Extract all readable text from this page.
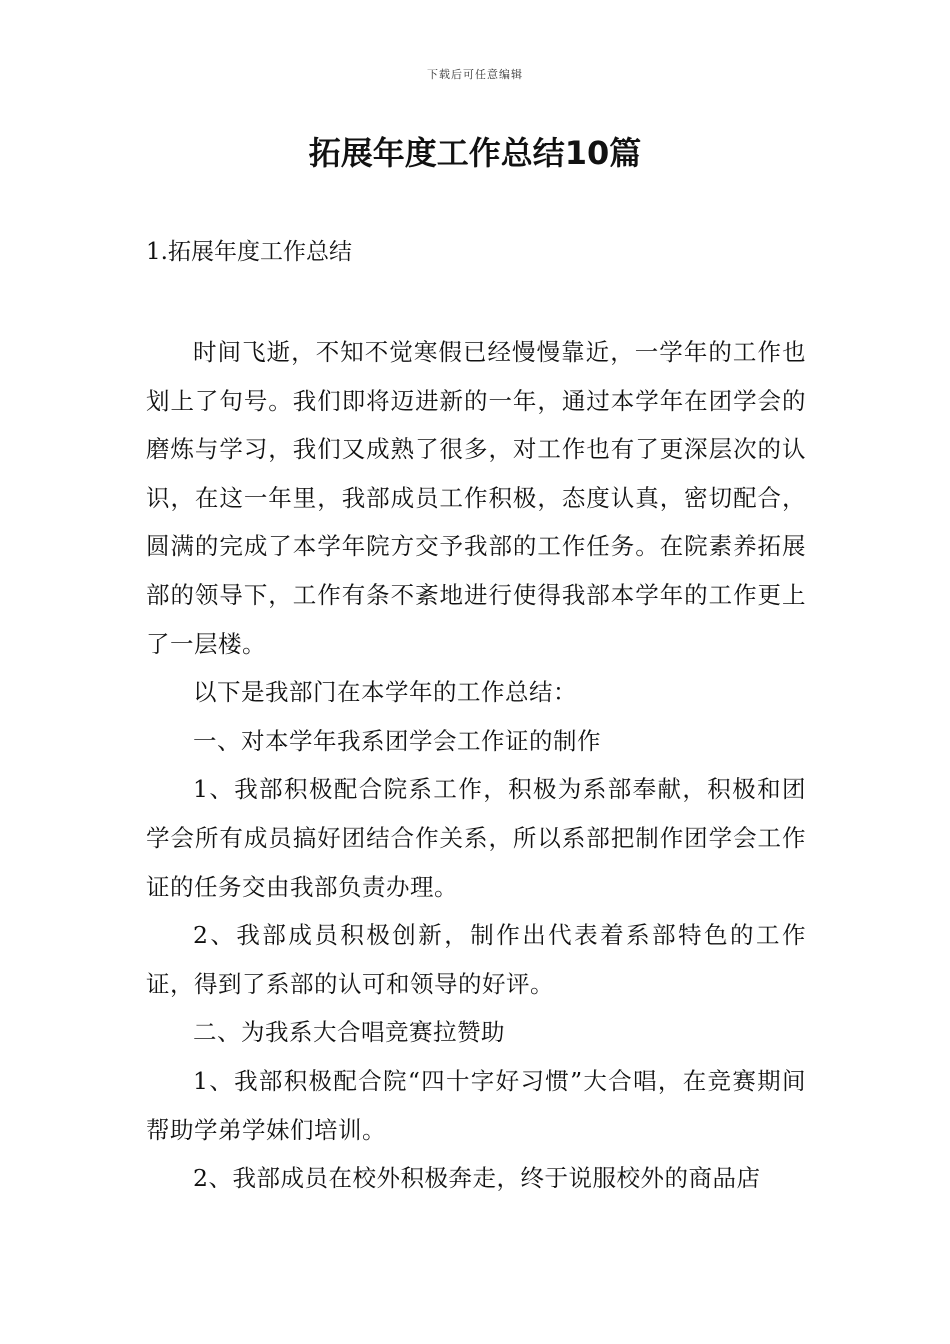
下载后可任意编辑
拓展年度工作总结10篇
1.拓展年度工作总结

时间飞逝，不知不觉寒假已经慢慢靠近，一学年的工作也划上了句号。我们即将迈进新的一年，通过本学年在团学会的磨炼与学习，我们又成熟了很多，对工作也有了更深层次的认识，在这一年里，我部成员工作积极，态度认真，密切配合，圆满的完成了本学年院方交予我部的工作任务。在院素养拓展部的领导下，工作有条不紊地进行使得我部本学年的工作更上了一层楼。

以下是我部门在本学年的工作总结：

一、对本学年我系团学会工作证的制作

1、我部积极配合院系工作，积极为系部奉献，积极和团学会所有成员搞好团结合作关系，所以系部把制作团学会工作证的任务交由我部负责办理。

2、我部成员积极创新，制作出代表着系部特色的工作证，得到了系部的认可和领导的好评。

二、为我系大合唱竞赛拉赞助

1、我部积极配合院“四十字好习惯”大合唱，在竞赛期间帮助学弟学妹们培训。

2、我部成员在校外积极奔走，终于说服校外的商品店
